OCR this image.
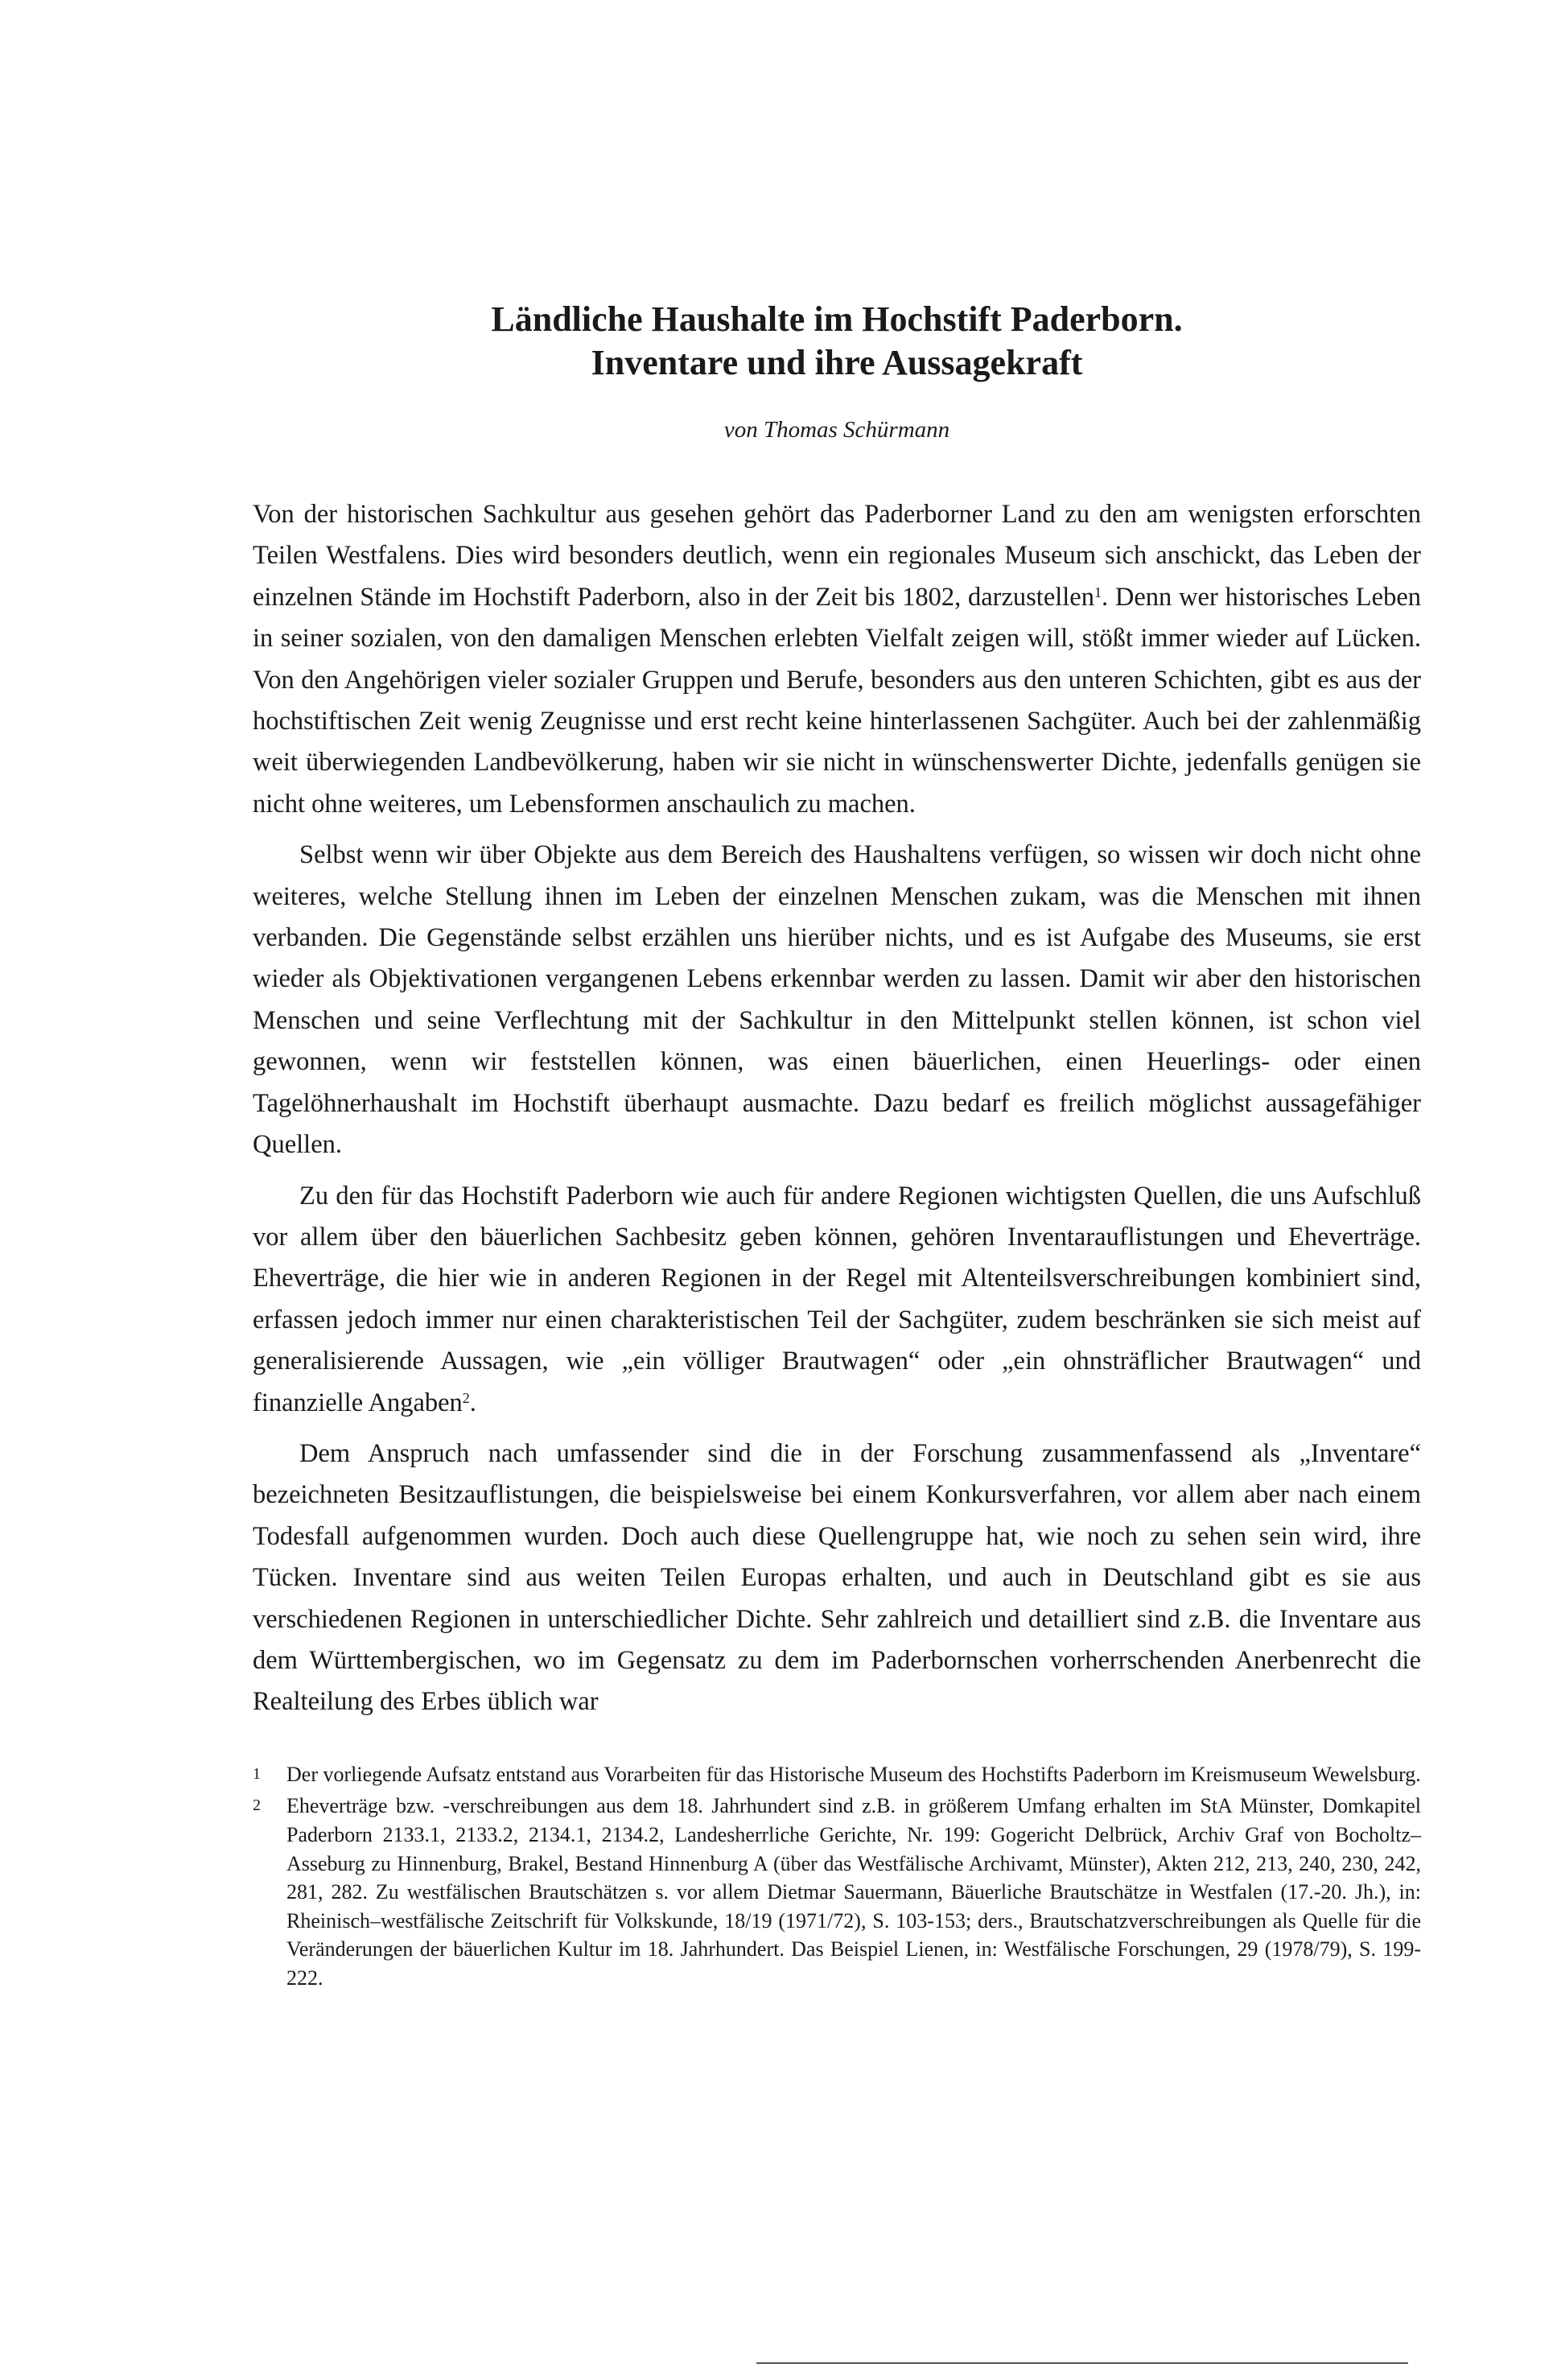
Ländliche Haushalte im Hochstift Paderborn.
Inventare und ihre Aussagekraft

von Thomas Schürmann

Von der historischen Sachkultur aus gesehen gehört das Paderborner Land zu den am wenigsten erforschten Teilen Westfalens. Dies wird besonders deutlich, wenn ein regionales Museum sich anschickt, das Leben der einzelnen Stände im Hochstift Paderborn, also in der Zeit bis 1802, darzustellen$^1$. Denn wer historisches Leben in seiner sozialen, von den damaligen Menschen erlebten Vielfalt zeigen will, stößt immer wieder auf Lücken. Von den Angehörigen vieler sozialer Gruppen und Berufe, besonders aus den unteren Schichten, gibt es aus der hochstiftischen Zeit wenig Zeugnisse und erst recht keine hinterlassenen Sachgüter. Auch bei der zahlenmäßig weit überwiegenden Landbevölkerung, haben wir sie nicht in wünschenswerter Dichte, jedenfalls genügen sie nicht ohne weiteres, um Lebensformen anschaulich zu machen.

Selbst wenn wir über Objekte aus dem Bereich des Haushaltens verfügen, so wissen wir doch nicht ohne weiteres, welche Stellung ihnen im Leben der einzelnen Menschen zukam, was die Menschen mit ihnen verbanden. Die Gegenstände selbst erzählen uns hierüber nichts, und es ist Aufgabe des Museums, sie erst wieder als Objektivationen vergangenen Lebens erkennbar werden zu lassen. Damit wir aber den historischen Menschen und seine Verflechtung mit der Sachkultur in den Mittelpunkt stellen können, ist schon viel gewonnen, wenn wir feststellen können, was einen bäuerlichen, einen Heuerlings- oder einen Tagelöhnerhaushalt im Hochstift überhaupt ausmachte. Dazu bedarf es freilich möglichst aussagefähiger Quellen.

Zu den für das Hochstift Paderborn wie auch für andere Regionen wichtigsten Quellen, die uns Aufschluß vor allem über den bäuerlichen Sachbesitz geben können, gehören Inventarauflistungen und Eheverträge. Eheverträge, die hier wie in anderen Regionen in der Regel mit Altenteilsverschreibungen kombiniert sind, erfassen jedoch immer nur einen charakteristischen Teil der Sachgüter, zudem beschränken sie sich meist auf generalisierende Aussagen, wie „ein völliger Brautwagen“ oder „ein ohnsträflicher Brautwagen“ und finanzielle Angaben$^2$.

Dem Anspruch nach umfassender sind die in der Forschung zusammenfassend als „Inventare“ bezeichneten Besitzauflistungen, die beispielsweise bei einem Konkursverfahren, vor allem aber nach einem Todesfall aufgenommen wurden. Doch auch diese Quellengruppe hat, wie noch zu sehen sein wird, ihre Tücken. Inventare sind aus weiten Teilen Europas erhalten, und auch in Deutschland gibt es sie aus verschiedenen Regionen in unterschiedlicher Dichte. Sehr zahlreich und detailliert sind z.B. die Inventare aus dem Württembergischen, wo im Gegensatz zu dem im Paderbornschen vorherrschenden Anerbenrecht die Realteilung des Erbes üblich war

1	Der vorliegende Aufsatz entstand aus Vorarbeiten für das Historische Museum des Hochstifts Paderborn im Kreismuseum Wewelsburg.
2	Eheverträge bzw. -verschreibungen aus dem 18. Jahrhundert sind z.B. in größerem Umfang erhalten im StA Münster, Domkapitel Paderborn 2133.1, 2133.2, 2134.1, 2134.2, Landesherrliche Gerichte, Nr. 199: Gogericht Delbrück, Archiv Graf von Bocholtz–Asseburg zu Hinnenburg, Brakel, Bestand Hinnenburg A (über das Westfälische Archivamt, Münster), Akten 212, 213, 240, 230, 242, 281, 282. Zu westfälischen Brautschätzen s. vor allem Dietmar Sauermann, Bäuerliche Brautschätze in Westfalen (17.-20. Jh.), in: Rheinisch–westfälische Zeitschrift für Volkskunde, 18/19 (1971/72), S. 103-153; ders., Brautschatzverschreibungen als Quelle für die Veränderungen der bäuerlichen Kultur im 18. Jahrhundert. Das Beispiel Lienen, in: Westfälische Forschungen, 29 (1978/79), S. 199-222.
